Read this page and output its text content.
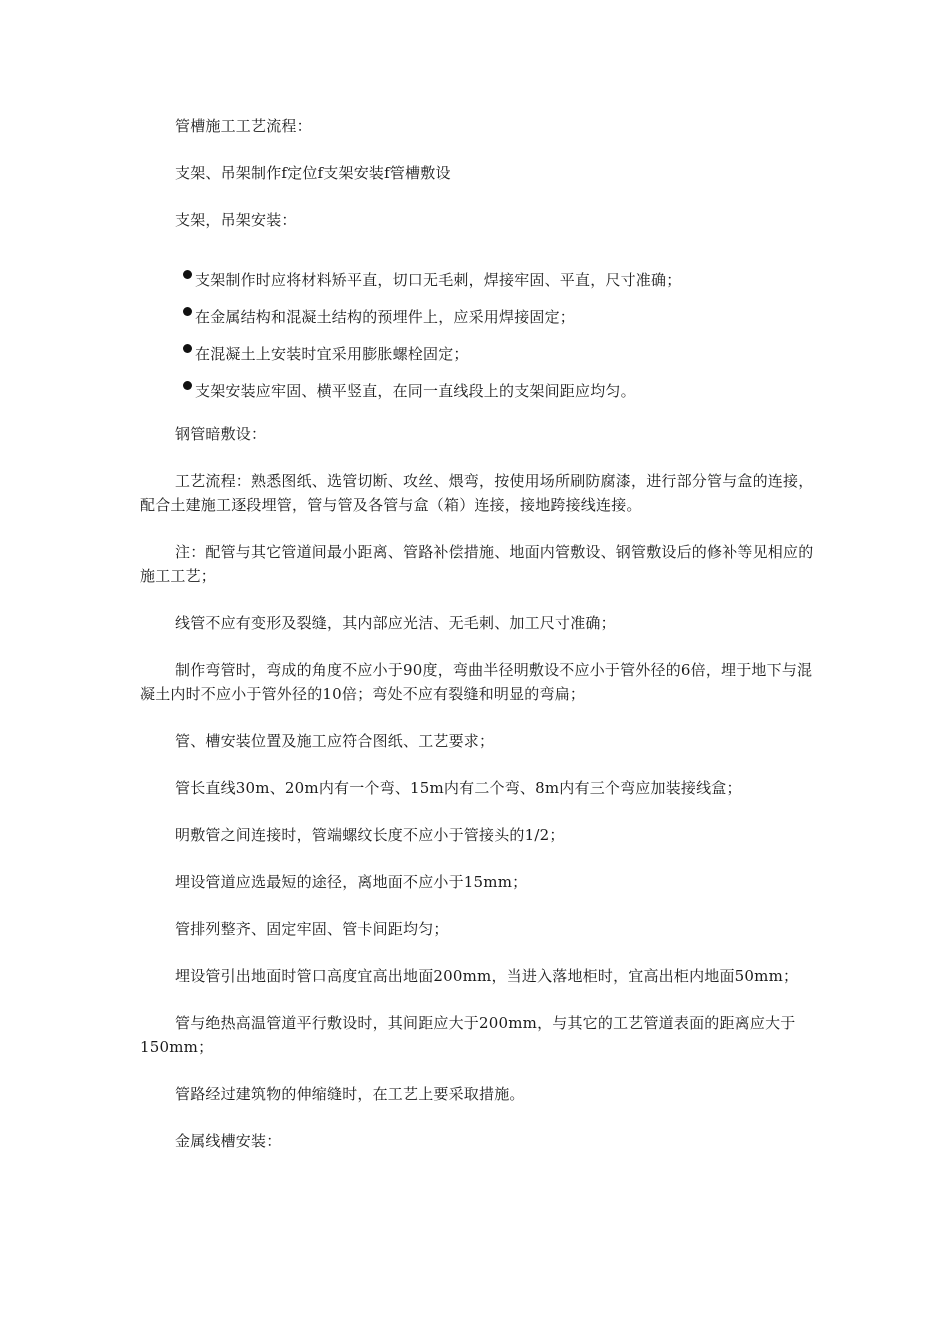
管槽施工工艺流程：

支架、吊架制作f定位f支架安装f管槽敷设

支架，吊架安装：

支架制作时应将材料矫平直，切口无毛刺，焊接牢固、平直，尺寸准确；
在金属结构和混凝土结构的预埋件上，应采用焊接固定；
在混凝土上安装时宜采用膨胀螺栓固定；
支架安装应牢固、横平竖直，在同一直线段上的支架间距应均匀。

钢管暗敷设：

工艺流程：熟悉图纸、选管切断、攻丝、煨弯，按使用场所刷防腐漆，进行部分管与盒的连接，配合土建施工逐段埋管，管与管及各管与盒（箱）连接，接地跨接线连接。

注：配管与其它管道间最小距离、管路补偿措施、地面内管敷设、钢管敷设后的修补等见相应的施工工艺；

线管不应有变形及裂缝，其内部应光洁、无毛刺、加工尺寸准确；

制作弯管时，弯成的角度不应小于90度，弯曲半径明敷设不应小于管外径的6倍，埋于地下与混凝土内时不应小于管外径的10倍；弯处不应有裂缝和明显的弯扁；

管、槽安装位置及施工应符合图纸、工艺要求；

管长直线30m、20m内有一个弯、15m内有二个弯、8m内有三个弯应加装接线盒；

明敷管之间连接时，管端螺纹长度不应小于管接头的1/2；

埋设管道应选最短的途径，离地面不应小于15mm；

管排列整齐、固定牢固、管卡间距均匀；

埋设管引出地面时管口高度宜高出地面200mm，当进入落地柜时，宜高出柜内地面50mm；

管与绝热高温管道平行敷设时，其间距应大于200mm，与其它的工艺管道表面的距离应大于150mm；

管路经过建筑物的伸缩缝时，在工艺上要采取措施。

金属线槽安装：
